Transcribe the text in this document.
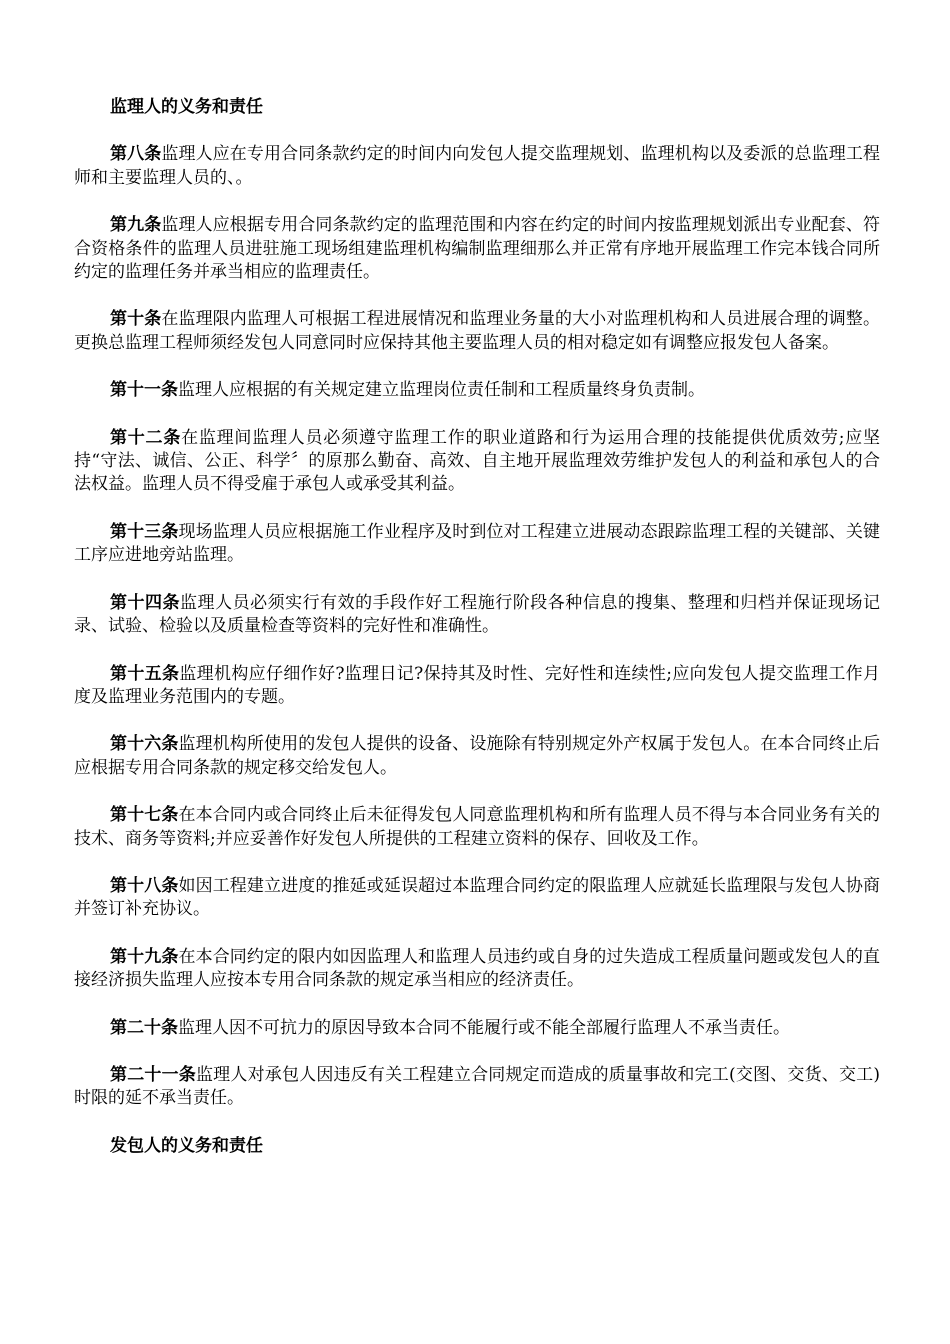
监理人的义务和责任

第八条监理人应在专用合同条款约定的时间内向发包人提交监理规划、监理机构以及委派的总监理工程师和主要监理人员的、。

第九条监理人应根据专用合同条款约定的监理范围和内容在约定的时间内按监理规划派出专业配套、符合资格条件的监理人员进驻施工现场组建监理机构编制监理细那么并正常有序地开展监理工作完本钱合同所约定的监理任务并承当相应的监理责任。

第十条在监理限内监理人可根据工程进展情况和监理业务量的大小对监理机构和人员进展合理的调整。更换总监理工程师须经发包人同意同时应保持其他主要监理人员的相对稳定如有调整应报发包人备案。

第十一条监理人应根据的有关规定建立监理岗位责任制和工程质量终身负责制。

第十二条在监理间监理人员必须遵守监理工作的职业道路和行为运用合理的技能提供优质效劳;应坚持“守法、诚信、公正、科学〞的原那么勤奋、高效、自主地开展监理效劳维护发包人的利益和承包人的合法权益。监理人员不得受雇于承包人或承受其利益。

第十三条现场监理人员应根据施工作业程序及时到位对工程建立进展动态跟踪监理工程的关键部、关键工序应进地旁站监理。

第十四条监理人员必须实行有效的手段作好工程施行阶段各种信息的搜集、整理和归档并保证现场记录、试验、检验以及质量检查等资料的完好性和准确性。

第十五条监理机构应仔细作好?监理日记?保持其及时性、完好性和连续性;应向发包人提交监理工作月度及监理业务范围内的专题。

第十六条监理机构所使用的发包人提供的设备、设施除有特别规定外产权属于发包人。在本合同终止后应根据专用合同条款的规定移交给发包人。

第十七条在本合同内或合同终止后未征得发包人同意监理机构和所有监理人员不得与本合同业务有关的技术、商务等资料;并应妥善作好发包人所提供的工程建立资料的保存、回收及工作。

第十八条如因工程建立进度的推延或延误超过本监理合同约定的限监理人应就延长监理限与发包人协商并签订补充协议。

第十九条在本合同约定的限内如因监理人和监理人员违约或自身的过失造成工程质量问题或发包人的直接经济损失监理人应按本专用合同条款的规定承当相应的经济责任。

第二十条监理人因不可抗力的原因导致本合同不能履行或不能全部履行监理人不承当责任。

第二十一条监理人对承包人因违反有关工程建立合同规定而造成的质量事故和完工(交图、交货、交工)时限的延不承当责任。

发包人的义务和责任
